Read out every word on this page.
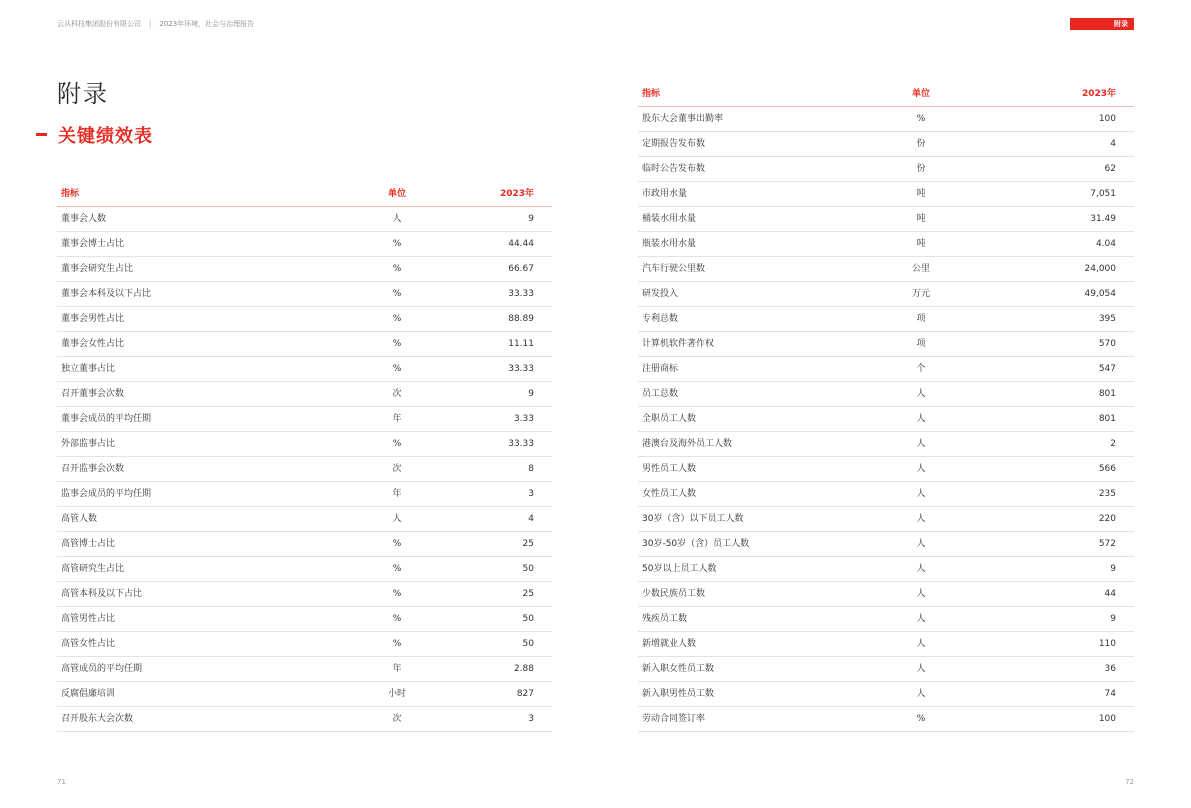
云从科技集团股份有限公司 | 2023年环境，社会与治理报告	附录
附录
关键绩效表
指标	单位	2023年
董事会人数	人	9
董事会博士占比	%	44.44
董事会研究生占比	%	66.67
董事会本科及以下占比	%	33.33
董事会男性占比	%	88.89
董事会女性占比	%	11.11
独立董事占比	%	33.33
召开董事会次数	次	9
董事会成员的平均任期	年	3.33
外部监事占比	%	33.33
召开监事会次数	次	8
监事会成员的平均任期	年	3
高管人数	人	4
高管博士占比	%	25
高管研究生占比	%	50
高管本科及以下占比	%	25
高管男性占比	%	50
高管女性占比	%	50
高管成员的平均任期	年	2.88
反腐倡廉培训	小时	827
召开股东大会次数	次	3
指标	单位	2023年
股东大会董事出勤率	%	100
定期报告发布数	份	4
临时公告发布数	份	62
市政用水量	吨	7,051
桶装水用水量	吨	31.49
瓶装水用水量	吨	4.04
汽车行驶公里数	公里	24,000
研发投入	万元	49,054
专利总数	项	395
计算机软件著作权	项	570
注册商标	个	547
员工总数	人	801
全职员工人数	人	801
港澳台及海外员工人数	人	2
男性员工人数	人	566
女性员工人数	人	235
30岁（含）以下员工人数	人	220
30岁-50岁（含）员工人数	人	572
50岁以上员工人数	人	9
少数民族员工数	人	44
残疾员工数	人	9
新增就业人数	人	110
新入职女性员工数	人	36
新入职男性员工数	人	74
劳动合同签订率	%	100
71	72
